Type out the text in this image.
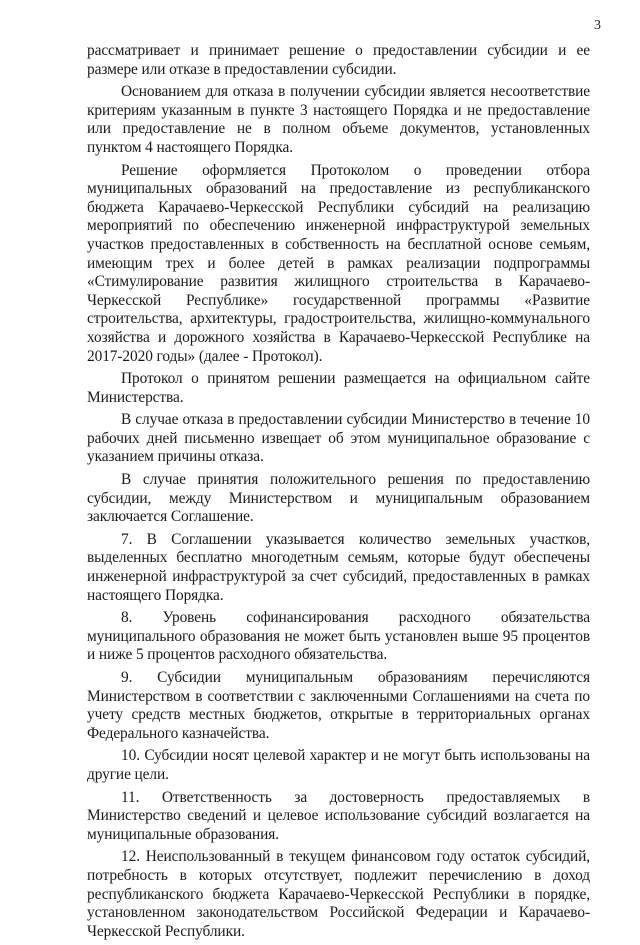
3

рассматривает и принимает решение о предоставлении субсидии и ее размере или отказе в предоставлении субсидии.

Основанием для отказа в получении субсидии является несоответствие критериям указанным в пункте 3 настоящего Порядка и не предоставление или предоставление не в полном объеме документов, установленных пунктом 4 настоящего Порядка.

Решение оформляется Протоколом о проведении отбора муниципальных образований на предоставление из республиканского бюджета Карачаево-Черкесской Республики субсидий на реализацию мероприятий по обеспечению инженерной инфраструктурой земельных участков предоставленных в собственность на бесплатной основе семьям, имеющим трех и более детей в рамках реализации подпрограммы «Стимулирование развития жилищного строительства в Карачаево-Черкесской Республике» государственной программы «Развитие строительства, архитектуры, градостроительства, жилищно-коммунального хозяйства и дорожного хозяйства в Карачаево-Черкесской Республике на 2017-2020 годы» (далее - Протокол).

Протокол о принятом решении размещается на официальном сайте Министерства.

В случае отказа в предоставлении субсидии Министерство в течение 10 рабочих дней письменно извещает об этом муниципальное образование с указанием причины отказа.

В случае принятия положительного решения по предоставлению субсидии, между Министерством и муниципальным образованием заключается Соглашение.

7. В Соглашении указывается количество земельных участков, выделенных бесплатно многодетным семьям, которые будут обеспечены инженерной инфраструктурой за счет субсидий, предоставленных в рамках настоящего Порядка.

8. Уровень софинансирования расходного обязательства муниципального образования не может быть установлен выше 95 процентов и ниже 5 процентов расходного обязательства.

9. Субсидии муниципальным образованиям перечисляются Министерством в соответствии с заключенными Соглашениями на счета по учету средств местных бюджетов, открытые в территориальных органах Федерального казначейства.

10. Субсидии носят целевой характер и не могут быть использованы на другие цели.

11. Ответственность за достоверность предоставляемых в Министерство сведений и целевое использование субсидий возлагается на муниципальные образования.

12. Неиспользованный в текущем финансовом году остаток субсидий, потребность в которых отсутствует, подлежит перечислению в доход республиканского бюджета Карачаево-Черкесской Республики в порядке, установленном законодательством Российской Федерации и Карачаево-Черкесской Республики.
